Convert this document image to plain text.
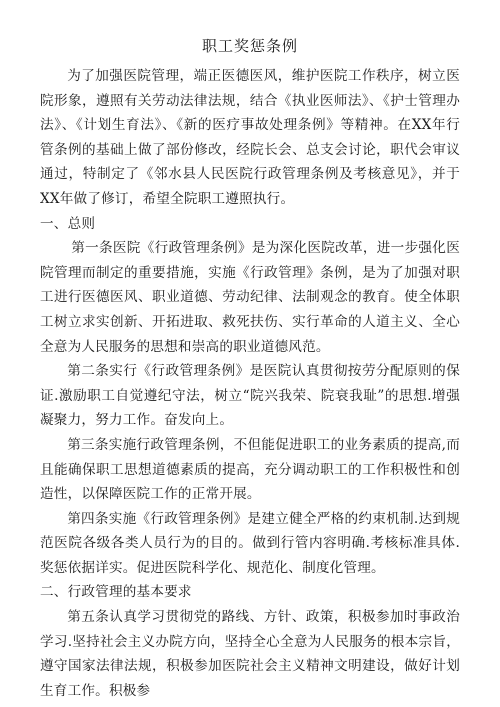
职工奖惩条例

为了加强医院管理，端正医德医风，维护医院工作秩序，树立医院形象，遵照有关劳动法律法规，结合《执业医师法》、《护士管理办法》、《计划生育法》、《新的医疗事故处理条例》等精神。在XX年行管条例的基础上做了部份修改，经院长会、总支会讨论，职代会审议通过，特制定了《邻水县人民医院行政管理条例及考核意见》，并于XX年做了修订，希望全院职工遵照执行。

一、总则

第一条医院《行政管理条例》是为深化医院改革，进一步强化医院管理而制定的重要措施，实施《行政管理》条例，是为了加强对职工进行医德医风、职业道德、劳动纪律、法制观念的教育。使全体职工树立求实创新、开拓进取、救死扶伤、实行革命的人道主义、全心全意为人民服务的思想和崇高的职业道德风范。

第二条实行《行政管理条例》是医院认真贯彻按劳分配原则的保证.激励职工自觉遵纪守法，树立“院兴我荣、院衰我耻”的思想.增强凝聚力，努力工作。奋发向上。

第三条实施行政管理条例，不但能促进职工的业务素质的提高,而且能确保职工思想道德素质的提高，充分调动职工的工作积极性和创造性，以保障医院工作的正常开展。

第四条实施《行政管理条例》是建立健全严格的约束机制.达到规范医院各级各类人员行为的目的。做到行管内容明确.考核标准具体.奖惩依据详实。促进医院科学化、规范化、制度化管理。

二、行政管理的基本要求

第五条认真学习贯彻党的路线、方针、政策，积极参加时事政治学习.坚持社会主义办院方向，坚持全心全意为人民服务的根本宗旨，遵守国家法律法规，积极参加医院社会主义精神文明建设，做好计划生育工作。积极参
